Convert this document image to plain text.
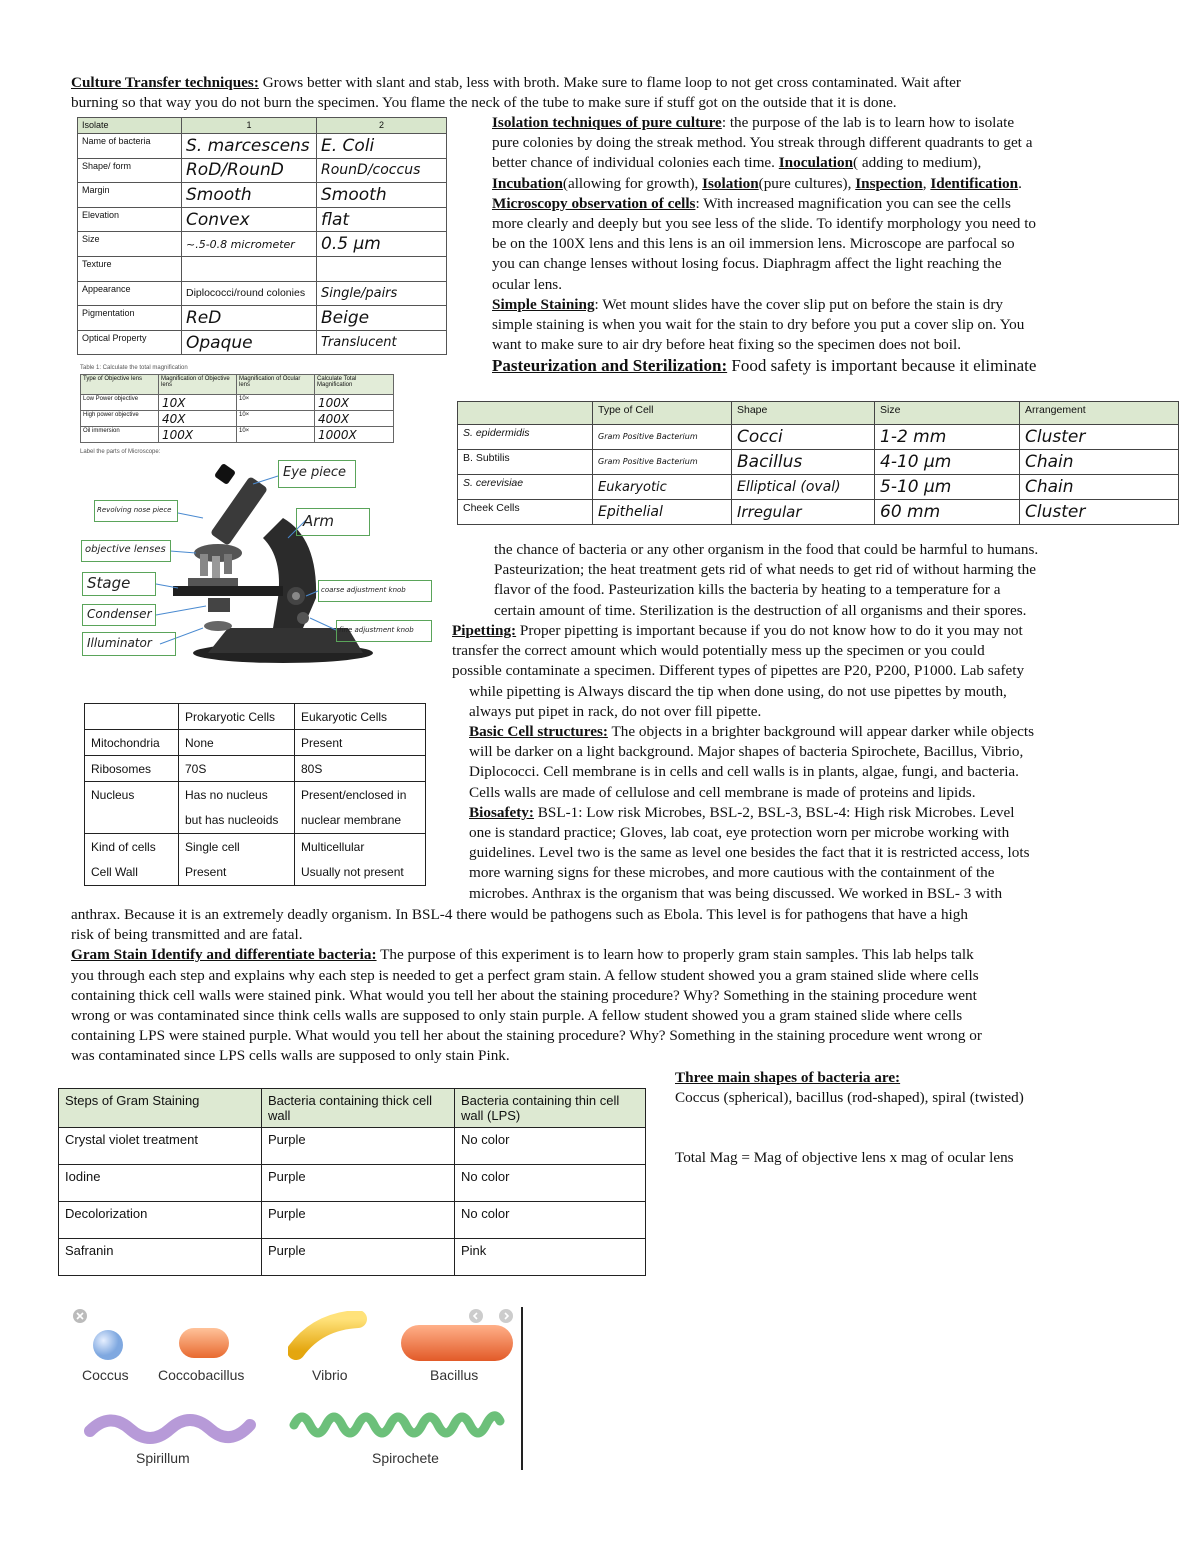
Culture Transfer techniques: Grows better with slant and stab, less with broth. Make sure to flame loop to not get cross contaminated. Wait after

burning so that way you do not burn the specimen. You flame the neck of the tube to make sure if stuff got on the outside that it is done.

Isolate	1	2
Name of bacteria	S. marcescens	E. Coli
Shape/ form	RoD/RounD	RounD/coccus
Margin	Smooth	Smooth
Elevation	Convex	flat
Size	~.5-0.8 micrometer	0.5 μm
Texture		
Appearance	Diplococci/round colonies	Single/pairs
Pigmentation	ReD	Beige
Optical Property	Opaque	Translucent
Table 1: Calculate the total magnification
Type of Objective lens	Magnification of Objective lens	Magnification of Ocular lens	Calculate Total Magnification
Low Power objective	10X	10×	100X
High power objective	40X	10×	400X
Oil immersion	100X	10×	1000X
Label the parts of Microscope:
Eye piece
Arm
Revolving nose piece
objective lenses
Stage
Condenser
Illuminator
coarse adjustment knob
fine adjustment knob

Isolation techniques of pure culture: the purpose of the lab is to learn how to isolate

pure colonies by doing the streak method. You streak through different quadrants to get a

better chance of individual colonies each time. Inoculation( adding to medium),

Incubation(allowing for growth), Isolation(pure cultures), Inspection, Identification.

Microscopy observation of cells: With increased magnification you can see the cells

more clearly and deeply but you see less of the slide. To identify morphology you need to

be on the 100X lens and this lens is an oil immersion lens. Microscope are parfocal so

you can change lenses without losing focus. Diaphragm affect the light reaching the

ocular lens.

Simple Staining: Wet mount slides have the cover slip put on before the stain is dry

simple staining is when you wait for the stain to dry before you put a cover slip on. You

want to make sure to air dry before heat fixing so the specimen does not boil.

Pasteurization and Sterilization: Food safety is important because it eliminate

	Type of Cell	Shape	Size	Arrangement
S. epidermidis	Gram Positive Bacterium	Cocci	1-2 mm	Cluster
B. Subtilis	Gram Positive Bacterium	Bacillus	4-10 μm	Chain
S. cerevisiae	Eukaryotic	Elliptical (oval)	5-10 μm	Chain
Cheek Cells	Epithelial	Irregular	60 mm	Cluster

the chance of bacteria or any other organism in the food that could be harmful to humans.

Pasteurization; the heat treatment gets rid of what needs to get rid of without harming the

flavor of the food. Pasteurization kills the bacteria by heating to a temperature for a

certain amount of time. Sterilization is the destruction of all organisms and their spores.

Pipetting: Proper pipetting is important because if you do not know how to do it you may not

transfer the correct amount which would potentially mess up the specimen or you could

possible contaminate a specimen. Different types of pipettes are P20, P200, P1000. Lab safety

while pipetting is Always discard the tip when done using, do not use pipettes by mouth,

always put pipet in rack, do not over fill pipette.

Basic Cell structures: The objects in a brighter background will appear darker while objects

will be darker on a light background. Major shapes of bacteria Spirochete, Bacillus, Vibrio,

Diplococci. Cell membrane is in cells and cell walls is in plants, algae, fungi, and bacteria.

Cells walls are made of cellulose and cell membrane is made of proteins and lipids.

Biosafety: BSL-1: Low risk Microbes, BSL-2, BSL-3, BSL-4: High risk Microbes. Level

one is standard practice; Gloves, lab coat, eye protection worn per microbe working with

guidelines. Level two is the same as level one besides the fact that it is restricted access, lots

more warning signs for these microbes, and more cautious with the containment of the

microbes. Anthrax is the organism that was being discussed. We worked in BSL- 3 with

	Prokaryotic Cells	Eukaryotic Cells
Mitochondria	None	Present
Ribosomes	70S	80S
Nucleus	Has no nucleus	Present/enclosed in
	but has nucleoids	nuclear membrane
Kind of cells	Single cell	Multicellular
Cell Wall	Present	Usually not present

anthrax. Because it is an extremely deadly organism. In BSL-4 there would be pathogens such as Ebola. This level is for pathogens that have a high

risk of being transmitted and are fatal.

Gram Stain Identify and differentiate bacteria: The purpose of this experiment is to learn how to properly gram stain samples. This lab helps talk

you through each step and explains why each step is needed to get a perfect gram stain. A fellow student showed you a gram stained slide where cells

containing thick cell walls were stained pink. What would you tell her about the staining procedure? Why? Something in the staining procedure went

wrong or was contaminated since think cells walls are supposed to only stain purple. A fellow student showed you a gram stained slide where cells

containing LPS were stained purple. What would you tell her about the staining procedure? Why? Something in the staining procedure went wrong or

was contaminated since LPS cells walls are supposed to only stain Pink.

Steps of Gram Staining	Bacteria containing thick cell wall	Bacteria containing thin cell wall (LPS)
Crystal violet treatment	Purple	No color
Iodine	Purple	No color
Decolorization	Purple	No color
Safranin	Purple	Pink

Three main shapes of bacteria are:

Coccus (spherical), bacillus (rod-shaped), spiral (twisted)

Total Mag = Mag of objective lens x mag of ocular lens

Coccus Coccobacillus	Vibrio	Bacillus
Spirillum	Spirochete
